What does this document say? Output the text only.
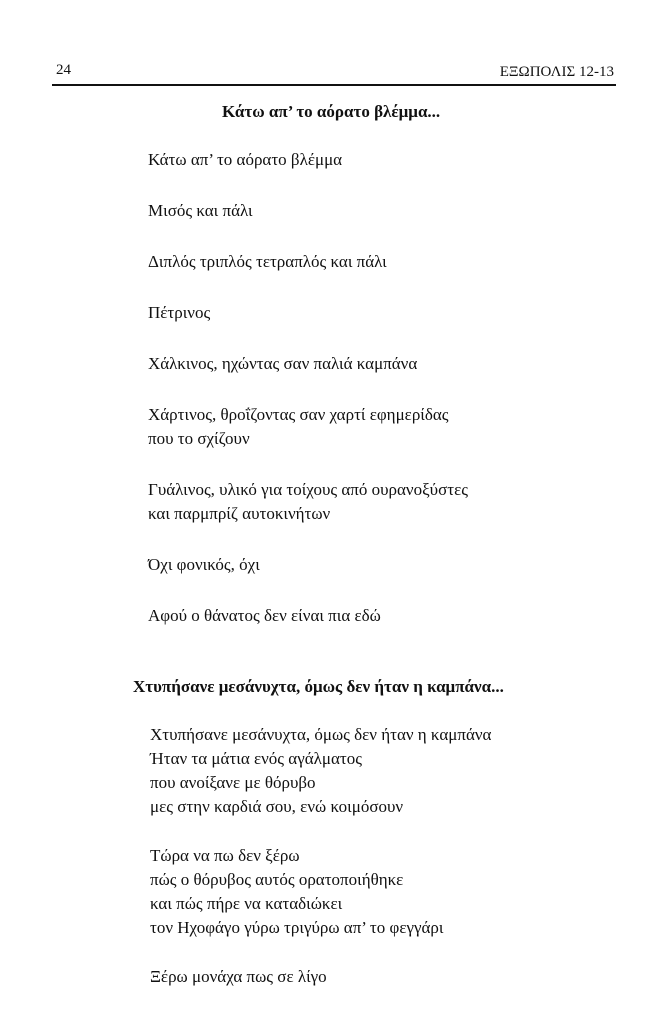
24	ΕΞΩΠΟΛΙΣ 12-13
Κάτω απ’ το αόρατο βλέμμα...
Κάτω απ’ το αόρατο βλέμμα
Μισός και πάλι
Διπλός τριπλός τετραπλός και πάλι
Πέτρινος
Χάλκινος, ηχώντας σαν παλιά καμπάνα
Χάρτινος, θροΐζοντας σαν χαρτί εφημερίδας
που το σχίζουν
Γυάλινος, υλικό για τοίχους από ουρανοξύστες
και παρμπρίζ αυτοκινήτων
Όχι φονικός, όχι
Αφού ο θάνατος δεν είναι πια εδώ
Χτυπήσανε μεσάνυχτα, όμως δεν ήταν η καμπάνα...
Χτυπήσανε μεσάνυχτα, όμως δεν ήταν η καμπάνα
Ήταν τα μάτια ενός αγάλματος
που ανοίξανε με θόρυβο
μες στην καρδιά σου, ενώ κοιμόσουν
Τώρα να πω δεν ξέρω
πώς ο θόρυβος αυτός ορατοποιήθηκε
και πώς πήρε να καταδιώκει
τον Ηχοφάγο γύρω τριγύρω απ’ το φεγγάρι
Ξέρω μονάχα πως σε λίγο
